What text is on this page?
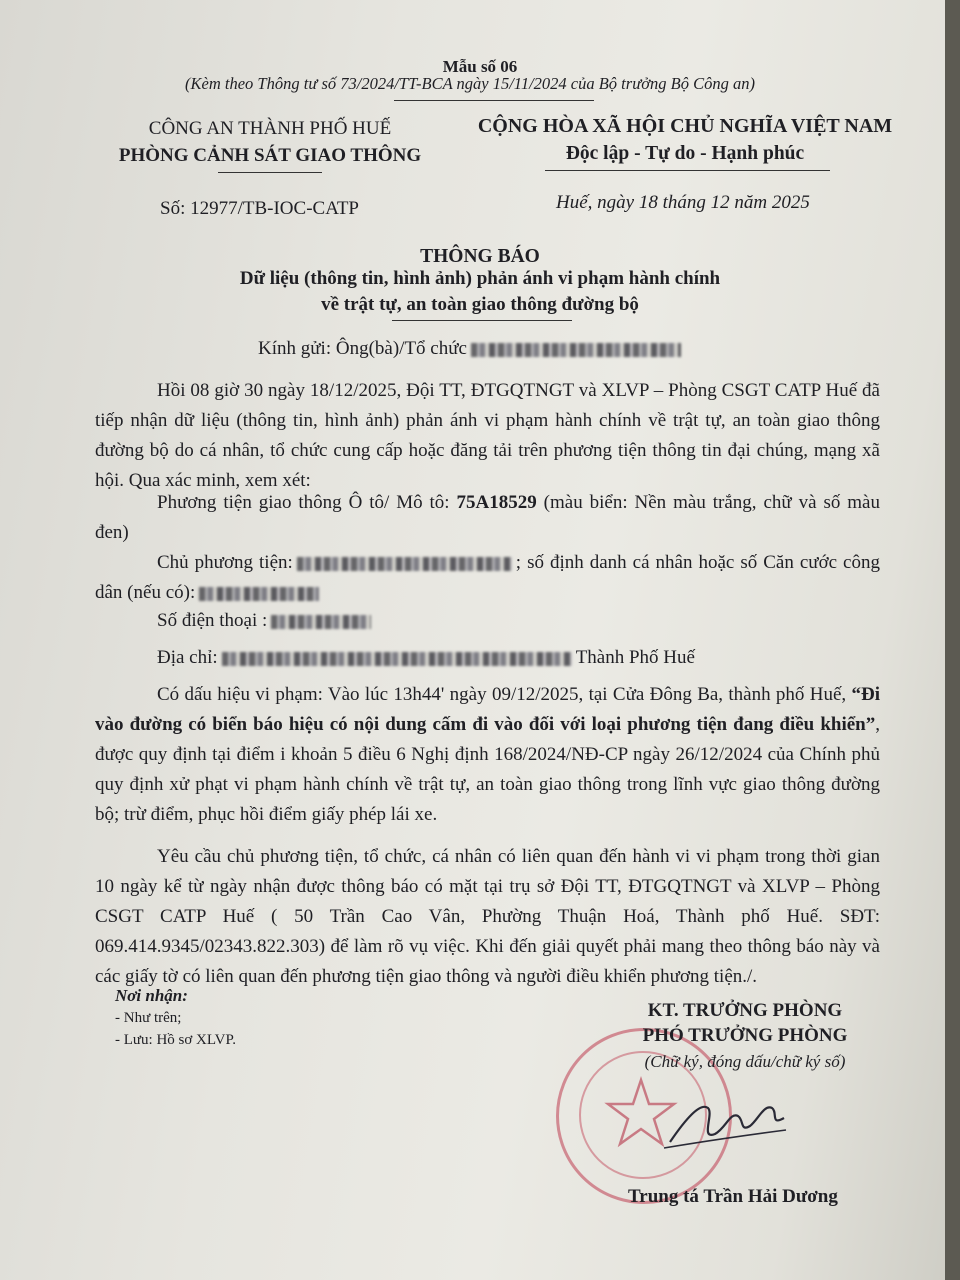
Mẫu số 06
(Kèm theo Thông tư số 73/2024/TT-BCA ngày 15/11/2024 của Bộ trưởng Bộ Công an)
CÔNG AN THÀNH PHỐ HUẾ
PHÒNG CẢNH SÁT GIAO THÔNG
CỘNG HÒA XÃ HỘI CHỦ NGHĨA VIỆT NAM
Độc lập - Tự do - Hạnh phúc
Số: 12977/TB-IOC-CATP	Huế, ngày 18 tháng 12 năm 2025
THÔNG BÁO
Dữ liệu (thông tin, hình ảnh) phản ánh vi phạm hành chính
về trật tự, an toàn giao thông đường bộ
Kính gửi: Ông(bà)/Tổ chức
Hồi 08 giờ 30 ngày 18/12/2025, Đội TT, ĐTGQTNGT và XLVP – Phòng CSGT CATP Huế đã tiếp nhận dữ liệu (thông tin, hình ảnh) phản ánh vi phạm hành chính về trật tự, an toàn giao thông đường bộ do cá nhân, tổ chức cung cấp hoặc đăng tải trên phương tiện thông tin đại chúng, mạng xã hội. Qua xác minh, xem xét:
Phương tiện giao thông Ô tô/ Mô tô: 75A18529 (màu biển: Nền màu trắng, chữ và số màu đen)
Chủ phương tiện:	; số định danh cá nhân hoặc số Căn cước công dân (nếu có):
Số điện thoại :
Địa chỉ:	Thành Phố Huế
Có dấu hiệu vi phạm: Vào lúc 13h44' ngày 09/12/2025, tại Cửa Đông Ba, thành phố Huế, “Đi vào đường có biển báo hiệu có nội dung cấm đi vào đối với loại phương tiện đang điều khiển”, được quy định tại điểm i khoản 5 điều 6 Nghị định 168/2024/NĐ-CP ngày 26/12/2024 của Chính phủ quy định xử phạt vi phạm hành chính về trật tự, an toàn giao thông trong lĩnh vực giao thông đường bộ; trừ điểm, phục hồi điểm giấy phép lái xe.
Yêu cầu chủ phương tiện, tổ chức, cá nhân có liên quan đến hành vi vi phạm trong thời gian 10 ngày kể từ ngày nhận được thông báo có mặt tại trụ sở Đội TT, ĐTGQTNGT và XLVP – Phòng CSGT CATP Huế ( 50 Trần Cao Vân, Phường Thuận Hoá, Thành phố Huế. SĐT: 069.414.9345/02343.822.303) để làm rõ vụ việc. Khi đến giải quyết phải mang theo thông báo này và các giấy tờ có liên quan đến phương tiện giao thông và người điều khiển phương tiện./.
Nơi nhận:
- Như trên;
- Lưu: Hồ sơ XLVP.
KT. TRƯỞNG PHÒNG
PHÓ TRƯỞNG PHÒNG
(Chữ ký, đóng dấu/chữ ký số)
Trung tá Trần Hải Dương
